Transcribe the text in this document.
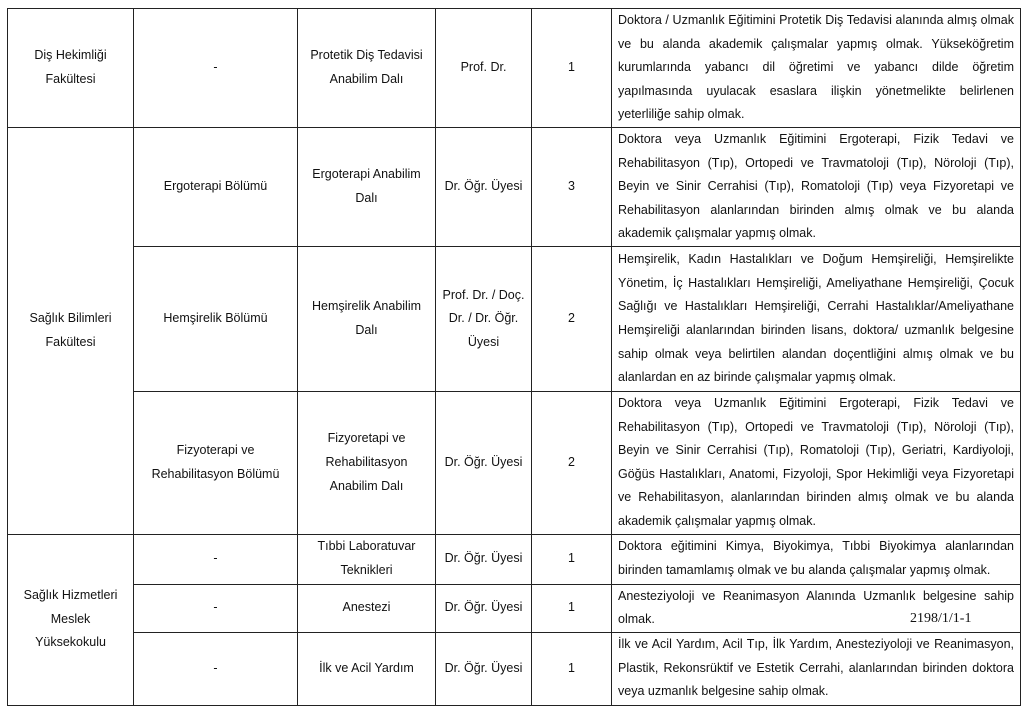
Diş Hekimliği Fakültesi	-	Protetik Diş Tedavisi Anabilim Dalı	Prof. Dr.	1	Doktora / Uzmanlık Eğitimini Protetik Diş Tedavisi alanında almış olmak ve bu alanda akademik çalışmalar yapmış olmak. Yükseköğretim kurumlarında yabancı dil öğretimi ve yabancı dilde öğretim yapılmasında uyulacak esaslara ilişkin yönetmelikte belirlenen yeterliliğe sahip olmak.
Sağlık Bilimleri Fakültesi	Ergoterapi Bölümü	Ergoterapi Anabilim Dalı	Dr. Öğr. Üyesi	3	Doktora veya Uzmanlık Eğitimini Ergoterapi, Fizik Tedavi ve Rehabilitasyon (Tıp), Ortopedi ve Travmatoloji (Tıp), Nöroloji (Tıp), Beyin ve Sinir Cerrahisi (Tıp), Romatoloji (Tıp) veya Fizyoretapi ve Rehabilitasyon alanlarından birinden almış olmak ve bu alanda akademik çalışmalar yapmış olmak.
	Hemşirelik Bölümü	Hemşirelik Anabilim Dalı	Prof. Dr. / Doç. Dr. / Dr. Öğr. Üyesi	2	Hemşirelik, Kadın Hastalıkları ve Doğum Hemşireliği, Hemşirelikte Yönetim, İç Hastalıkları Hemşireliği, Ameliyathane Hemşireliği, Çocuk Sağlığı ve Hastalıkları Hemşireliği, Cerrahi Hastalıklar/Ameliyathane Hemşireliği alanlarından birinden lisans, doktora/ uzmanlık belgesine sahip olmak veya belirtilen alandan doçentliğini almış olmak ve bu alanlardan en az birinde çalışmalar yapmış olmak.
	Fizyoterapi ve Rehabilitasyon Bölümü	Fizyoretapi ve Rehabilitasyon Anabilim Dalı	Dr. Öğr. Üyesi	2	Doktora veya Uzmanlık Eğitimini Ergoterapi, Fizik Tedavi ve Rehabilitasyon (Tıp), Ortopedi ve Travmatoloji (Tıp), Nöroloji (Tıp), Beyin ve Sinir Cerrahisi (Tıp), Romatoloji (Tıp), Geriatri, Kardiyoloji, Göğüs Hastalıkları, Anatomi, Fizyoloji, Spor Hekimliği veya Fizyoretapi ve Rehabilitasyon, alanlarından birinden almış olmak ve bu alanda akademik çalışmalar yapmış olmak.
Sağlık Hizmetleri Meslek Yüksekokulu	-	Tıbbi Laboratuvar Teknikleri	Dr. Öğr. Üyesi	1	Doktora eğitimini Kimya, Biyokimya, Tıbbi Biyokimya alanlarından birinden tamamlamış olmak ve bu alanda çalışmalar yapmış olmak.
	-	Anestezi	Dr. Öğr. Üyesi	1	Anesteziyoloji ve Reanimasyon Alanında Uzmanlık belgesine sahip olmak.
	-	İlk ve Acil Yardım	Dr. Öğr. Üyesi	1	İlk ve Acil Yardım, Acil Tıp, İlk Yardım, Anesteziyoloji ve Reanimasyon, Plastik, Rekonsrüktif ve Estetik Cerrahi, alanlarından birinden doktora veya uzmanlık belgesine sahip olmak.
2198/1/1-1
